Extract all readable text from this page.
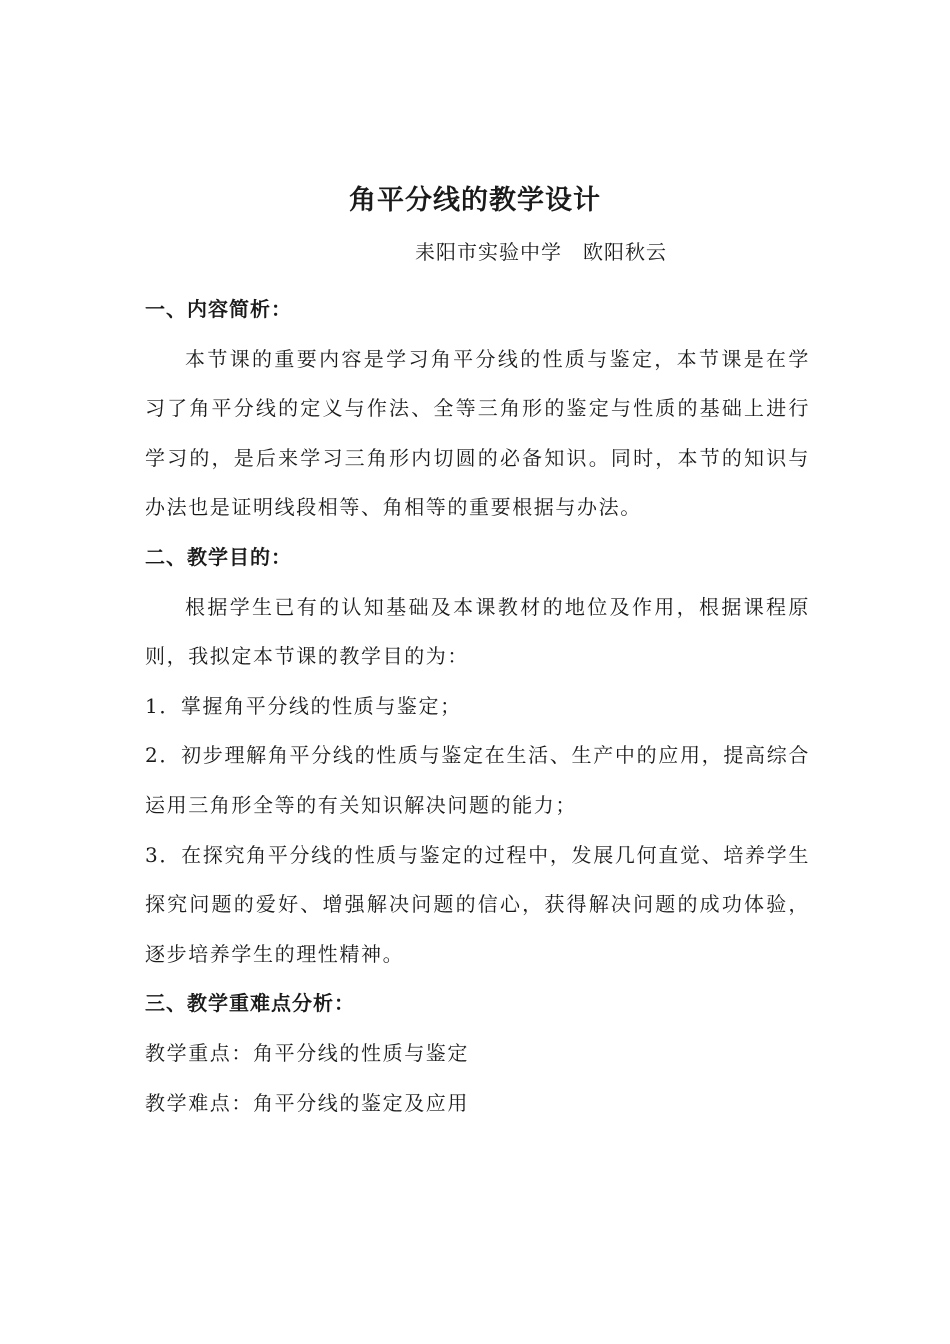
角平分线的教学设计
耒阳市实验中学　欧阳秋云
一、内容简析：
本节课的重要内容是学习角平分线的性质与鉴定，本节课是在学习了角平分线的定义与作法、全等三角形的鉴定与性质的基础上进行学习的，是后来学习三角形内切圆的必备知识。同时，本节的知识与办法也是证明线段相等、角相等的重要根据与办法。
二、教学目的：
根据学生已有的认知基础及本课教材的地位及作用，根据课程原则，我拟定本节课的教学目的为：
1．掌握角平分线的性质与鉴定；
2．初步理解角平分线的性质与鉴定在生活、生产中的应用，提高综合运用三角形全等的有关知识解决问题的能力；
3．在探究角平分线的性质与鉴定的过程中，发展几何直觉、培养学生探究问题的爱好、增强解决问题的信心，获得解决问题的成功体验，逐步培养学生的理性精神。
三、教学重难点分析：
教学重点：角平分线的性质与鉴定
教学难点：角平分线的鉴定及应用
